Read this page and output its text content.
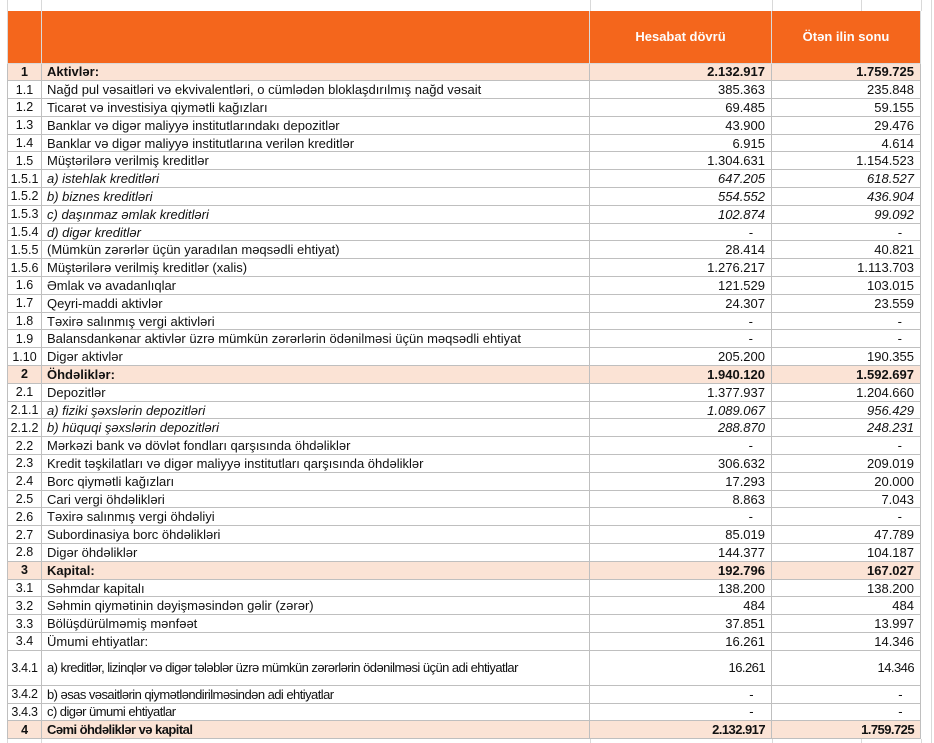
		Hesabat dövrü	Ötən ilin sonu
1	Aktivlər:	2.132.917	1.759.725
1.1	Nağd pul vəsaitləri və ekvivalentləri, o cümlədən bloklaşdırılmış nağd vəsait	385.363	235.848
1.2	Ticarət və investisiya qiymətli kağızları	69.485	59.155
1.3	Banklar və digər maliyyə institutlarındakı depozitlər	43.900	29.476
1.4	Banklar və digər maliyyə institutlarına verilən kreditlər	6.915	4.614
1.5	Müştərilərə verilmiş kreditlər	1.304.631	1.154.523
1.5.1	a) istehlak kreditləri	647.205	618.527
1.5.2	b) biznes kreditləri	554.552	436.904
1.5.3	c) daşınmaz əmlak kreditləri	102.874	99.092
1.5.4	d) digər kreditlər	-	-
1.5.5	(Mümkün zərərlər üçün yaradılan məqsədli ehtiyat)	28.414	40.821
1.5.6	Müştərilərə verilmiş kreditlər (xalis)	1.276.217	1.113.703
1.6	Əmlak və avadanlıqlar	121.529	103.015
1.7	Qeyri-maddi aktivlər	24.307	23.559
1.8	Təxirə salınmış vergi aktivləri	-	-
1.9	Balansdankənar aktivlər üzrə mümkün zərərlərin ödənilməsi üçün məqsədli ehtiyat	-	-
1.10	Digər aktivlər	205.200	190.355
2	Öhdəliklər:	1.940.120	1.592.697
2.1	Depozitlər	1.377.937	1.204.660
2.1.1	a) fiziki şəxslərin depozitləri	1.089.067	956.429
2.1.2	b) hüquqi şəxslərin depozitləri	288.870	248.231
2.2	Mərkəzi bank və dövlət fondları qarşısında öhdəliklər	-	-
2.3	Kredit təşkilatları və digər maliyyə institutları qarşısında öhdəliklər	306.632	209.019
2.4	Borc qiymətli kağızları	17.293	20.000
2.5	Cari vergi öhdəlikləri	8.863	7.043
2.6	Təxirə salınmış vergi öhdəliyi	-	-
2.7	Subordinasiya borc öhdəlikləri	85.019	47.789
2.8	Digər öhdəliklər	144.377	104.187
3	Kapital:	192.796	167.027
3.1	Səhmdar kapitalı	138.200	138.200
3.2	Səhmin qiymətinin dəyişməsindən gəlir (zərər)	484	484
3.3	Bölüşdürülməmiş mənfəət	37.851	13.997
3.4	Ümumi ehtiyatlar:	16.261	14.346
3.4.1	a) kreditlər, lizinqlər və digər tələblər üzrə mümkün zərərlərin ödənilməsi üçün adi ehtiyatlar	16.261	14.346
3.4.2	b) əsas vəsaitlərin qiymətləndirilməsindən adi ehtiyatlar	-	-
3.4.3	c) digər ümumi ehtiyatlar	-	-
4	Cəmi öhdəliklər və kapital	2.132.917	1.759.725
